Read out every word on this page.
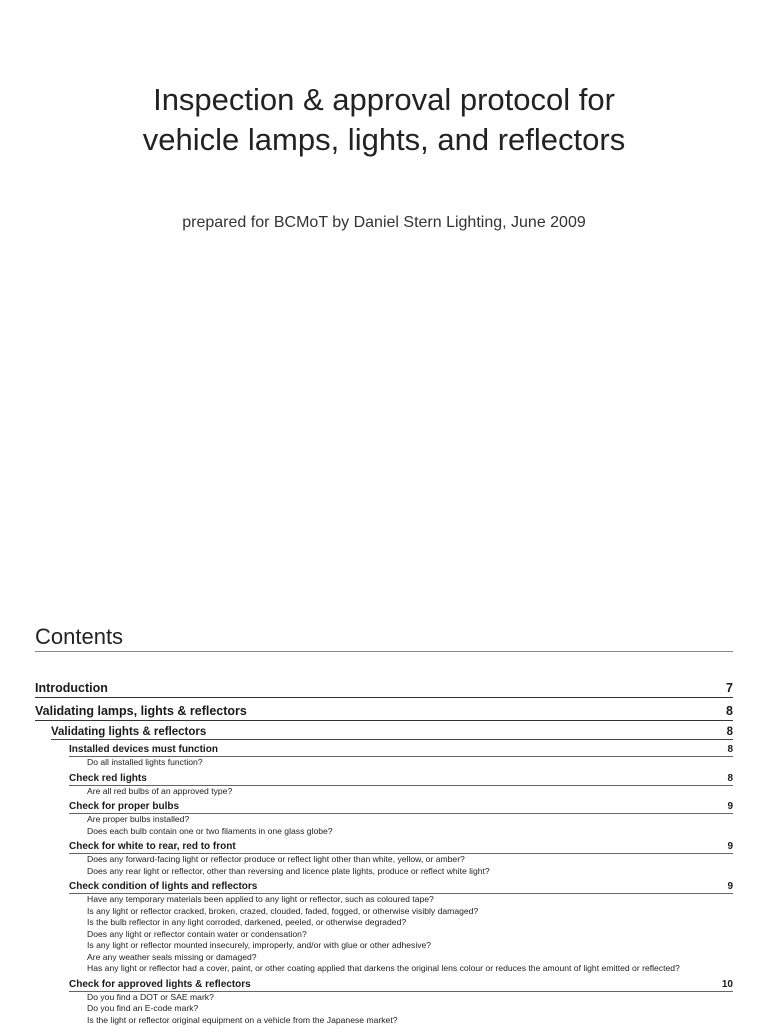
Inspection & approval protocol for
vehicle lamps, lights, and reflectors
prepared for BCMoT by Daniel Stern Lighting, June 2009
Contents
Introduction	7
Validating lamps, lights & reflectors	8
Validating lights & reflectors	8
Installed devices must function	8
Do all installed lights function?
Check red lights	8
Are all red bulbs of an approved type?
Check for proper bulbs	9
Are proper bulbs installed?
Does each bulb contain one or two filaments in one glass globe?
Check for white to rear, red to front	9
Does any forward-facing light or reflector produce or reflect light other than white, yellow, or amber?
Does any rear light or reflector, other than reversing and licence plate lights, produce or reflect white light?
Check condition of lights and reflectors	9
Have any temporary materials been applied to any light or reflector, such as coloured tape?
Is any light or reflector cracked, broken, crazed, clouded, faded, fogged, or otherwise visibly damaged?
Is the bulb reflector in any light corroded, darkened, peeled, or otherwise degraded?
Does any light or reflector contain water or condensation?
Is any light or reflector mounted insecurely, improperly, and/or with glue or other adhesive?
Are any weather seals missing or damaged?
Has any light or reflector had a cover, paint, or other coating applied that darkens the original lens colour or reduces the amount of light emitted or reflected?
Check for approved lights & reflectors	10
Do you find a DOT or SAE mark?
Do you find an E-code mark?
Is the light or reflector original equipment on a vehicle from the Japanese market?
